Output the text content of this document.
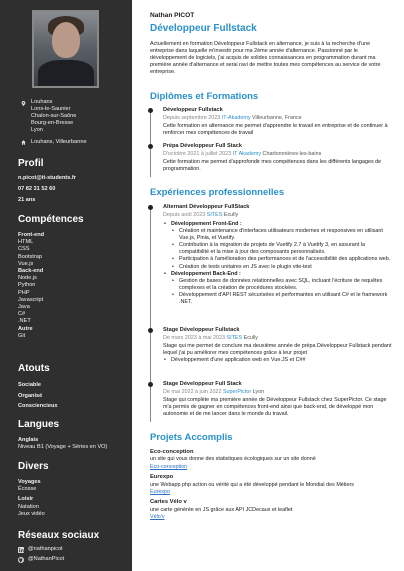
Louhans
Lons-le-Saunier
Chalon-sur-Saône
Bourg-en-Bresse
Lyon
Louhans, Villeurbanne
Profil
n.picot@it-students.fr
07 82 31 52 60
21 ans
Compétences
Front-end
HTML
CSS
Bootstrap
Vue.js
Back-end
Node.js
Python
PHP
Javascript
Java
C#
.NET
Autre
Git
Atouts
Sociable
Organisé
Consciencieux
Langues
Anglais
Niveau B1 (Voyage + Séries en VO)
Divers
Voyages
Écosse
Loisir
Natation
Jeux vidéo
Réseaux sociaux
@nathanpicot
@NathanPicot
Nathan PICOT
Développeur Fullstack
Actuellement en formation Développeur Fullstack en alternance, je suis à la recherche d'une entreprise dans laquelle m'investir pour ma 2ème année d'alternance. Passionné par le développement de logiciels, j'ai acquis de solides connaissances en programmation durant ma première année d'alternance et serai ravi de mettre toutes mes compétences au service de votre entreprise.
Diplômes et Formations
Développeur Fullstack
Depuis septembre 2023 IT-Akademy Villeurbanne, France
Cette formation en alternance me permet d'apprendre le travail en entreprise et de continuer à renforcer mes compétences de travail
Prépa Développeur Full Stack
D'octobre 2021 à juillet 2023 IT Akademy Charbonnières-les-bains
Cette formation me permet d'approfondir mes compétences dans les différents langages de programmation.
Expériences professionnelles
Alternant Développeur FullStack
Depuis août 2023 SITES Ecully
• Développement Front-End :
• Création et maintenance d'interfaces utilisateurs modernes et responsives en utilisant Vue.js, Pinia, et Vuetify.
• Contribution à la migration de projets de Vuetify 2.7 à Vuetify 3, en assurant la compatibilité et la mise à jour des composants personnalisés.
• Participation à l'amélioration des performances et de l'accessibilité des applications web.
• Création de tests unitaires en JS avec le plugin vite-test
• Développement Back-End :
• Gestion de bases de données relationnelles avec SQL, incluant l'écriture de requêtes complexes et la création de procédures stockées.
• Développement d'API REST sécurisées et performantes en utilisant C# et le framework .NET.
Stage Développeur Fullstack
De mars 2023 à mai 2023 SITES Ecully
Stage qui me permet de conclure ma deuxième année de prépa Développeur Fullstack pendant lequel j'ai pu améliorer mes compétences grâce à leur projet
• Développement d'une application web en Vue.JS et C##
Stage Développeur Full Stack
De mai 2022 à juin 2022 SuperPictor Lyon
Stage qui complète ma première année de Développeur Fullstack chez SuperPictor. Ce stage m'a permis de gagner en compétences front-end ainsi que back-end, de développé mon autonomie et de me lancer dans le monde du travail.
Projets Accomplis
Eco-conception
un site qui vous donne des statistiques écologiques sur un site donné
Eco-conception
Eurexpo
une Webapp php action ou vérité qui a été développé pendant le Mondial des Métiers
Eurexpo
Cartes Vélo v
une carte générée en JS grâce aux API JCDecaux et leaflet
Vélo'v
